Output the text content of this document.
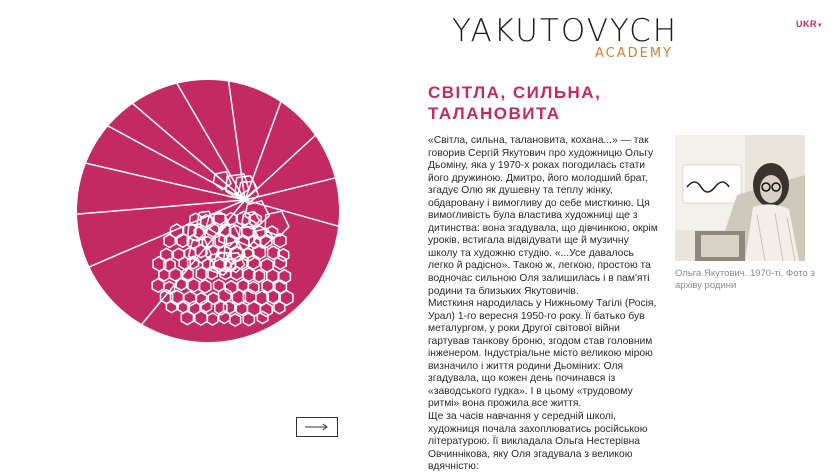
YAKUTOVYCH
ACADEMY
UKR▾
СВІТЛА, СИЛЬНА, ТАЛАНОВИТА

«Світла, сильна, талановита, кохана...» — так говорив Сергій Якутович про художницю Ольгу Дьоміну, яка у 1970-х роках погодилась стати його дружиною. Дмитро, його молодший брат, згадує Олю як душевну та теплу жінку, обдаровану і вимогливу до себе мисткиню. Ця вимогливість була властива художниці ще з дитинства: вона згадувала, що дівчинкою, окрім уроків, встигала відвідувати ще й музичну школу та художню студію. «...Усе давалось легко й радісно». Такою ж, легкою, простою та водночас сильною Оля залишилась і в пам'яті родини та близьких Якутовичів.

Мисткиня народилась у Нижньому Тагілі (Росія, Урал) 1-го вересня 1950-го року. Її батько був металургом, у роки Другої світової війни гартував танкову броню, згодом став головним інженером. Індустріальне місто великою мірою визначило і життя родини Дьоміних: Оля згадувала, що кожен день починався із «заводського гудка». І в цьому «трудовому ритмі» вона прожила все життя.

Ще за часів навчання у середній школі, художниця почала захоплюватись російською літературою. Її викладала Ольга Нестерівна Овчиннікова, яку Оля згадувала з великою вдячністю:

Ольга Якутович. 1970-ті. Фото з архіву родини
